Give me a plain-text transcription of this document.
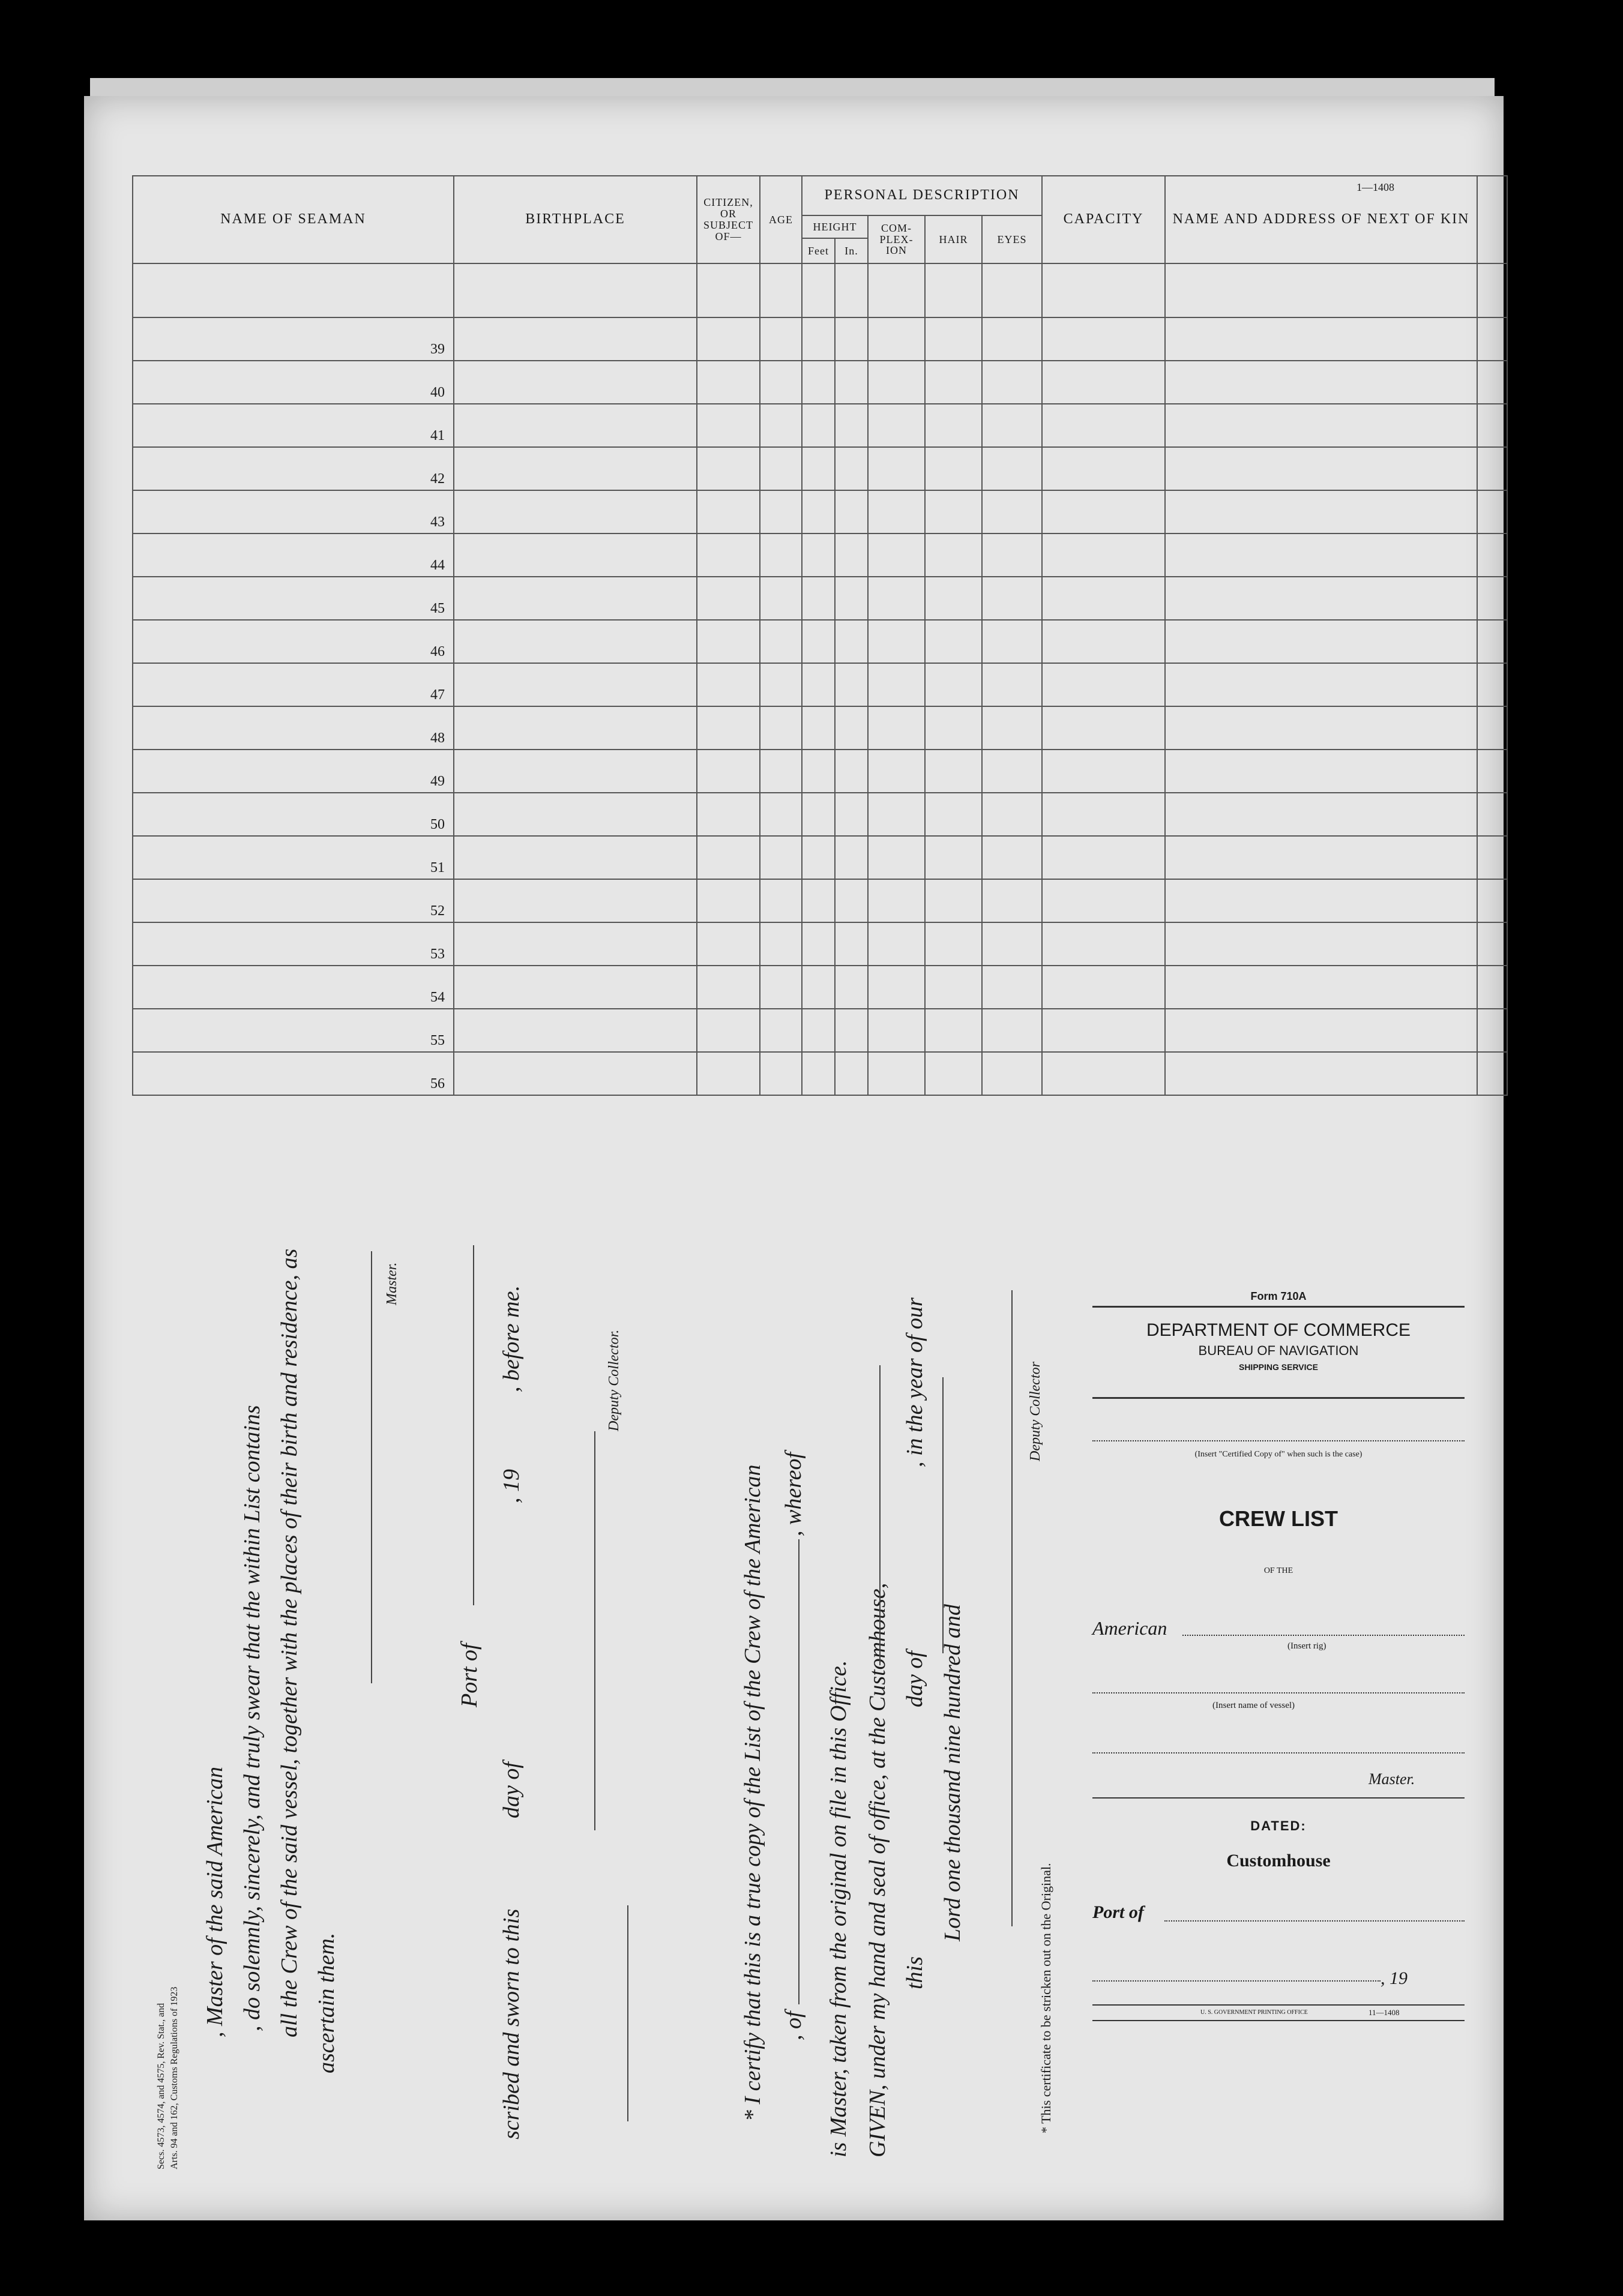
1—1408
NAME OF SEAMAN	BIRTHPLACE	CITIZEN, OR SUBJECT OF—	AGE	PERSONAL DESCRIPTION					CAPACITY	NAME AND ADDRESS OF NEXT OF KIN	
				HEIGHT		COM- PLEX- ION	HAIR	EYES			
				Feet	In.						

39											
40											
41											
42											
43											
44											
45											
46											
47											
48											
49											
50											
51											
52											
53											
54											
55											
56											
, Master of the said American , do solemnly, sincerely, and truly swear that the within List contains all the Crew of the said vessel, together with the places of their birth and residence, as ascertain them.
Master.
Port of
scribed and sworn to this
day of
, 19
, before me.	Deputy Collector.
* I certify that this is a true copy of the List of the Crew of the American , of
, whereof
is Master, taken from the original on file in this Office. GIVEN, under my hand and seal of office, at the Customhouse, this
day of
, in the year of our
Lord one thousand nine hundred and
Deputy Collector
* This certificate to be stricken out on the Original.
Secs. 4573, 4574, and 4575, Rev. Stat., and Arts. 94 and 162, Customs Regulations of 1923
Form 710A
DEPARTMENT OF COMMERCE
BUREAU OF NAVIGATION
SHIPPING SERVICE
(Insert "Certified Copy of" when such is the case)
CREW LIST
OF THE
American
(Insert rig)
(Insert name of vessel)
Master.
DATED:
Customhouse
Port of
, 19
U. S. GOVERNMENT PRINTING OFFICE	11—1408
